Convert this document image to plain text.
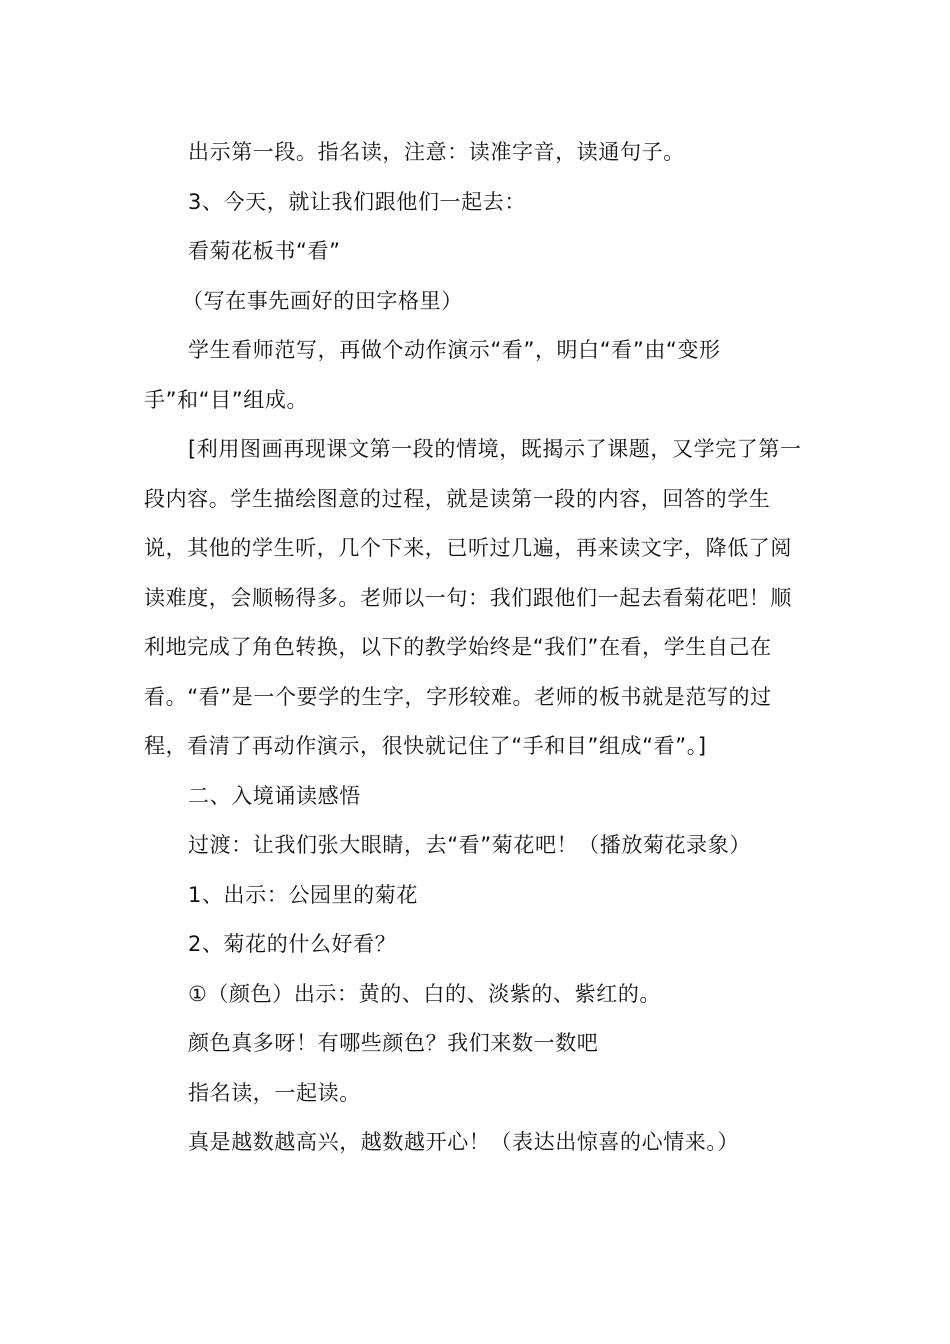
出示第一段。指名读，注意：读准字音，读通句子。

3、今天，就让我们跟他们一起去：

看菊花板书“看”

（写在事先画好的田字格里）

学生看师范写，再做个动作演示“看”，明白“看”由“变形手”和“目”组成。

[利用图画再现课文第一段的情境，既揭示了课题，又学完了第一段内容。学生描绘图意的过程，就是读第一段的内容，回答的学生说，其他的学生听，几个下来，已听过几遍，再来读文字，降低了阅读难度，会顺畅得多。老师以一句：我们跟他们一起去看菊花吧！顺利地完成了角色转换，以下的教学始终是“我们”在看，学生自己在看。“看”是一个要学的生字，字形较难。老师的板书就是范写的过程，看清了再动作演示，很快就记住了“手和目”组成“看”。]

二、入境诵读感悟

过渡：让我们张大眼睛，去“看”菊花吧！（播放菊花录象）

1、出示：公园里的菊花

2、菊花的什么好看？

①（颜色）出示：黄的、白的、淡紫的、紫红的。

颜色真多呀！有哪些颜色？我们来数一数吧

指名读，一起读。

真是越数越高兴，越数越开心！（表达出惊喜的心情来。）
